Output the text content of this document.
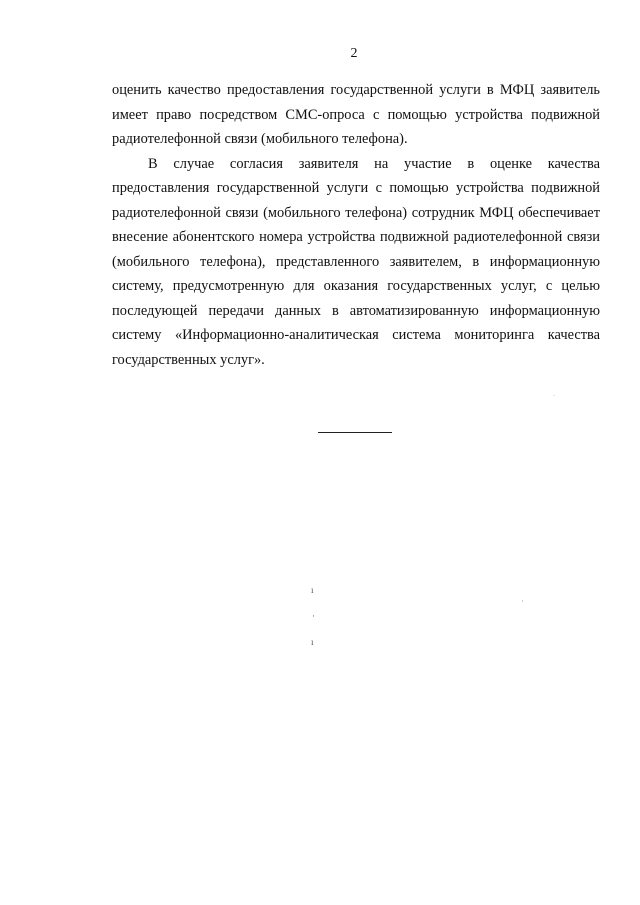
2

оценить качество предоставления государственной услуги в МФЦ заявитель имеет право посредством СМС-опроса с помощью устройства подвижной радиотелефонной связи (мобильного телефона).

В случае согласия заявителя на участие в оценке качества предоставления государственной услуги с помощью устройства подвижной радиотелефонной связи (мобильного телефона) сотрудник МФЦ обеспечивает внесение абонентского номера устройства подвижной радиотелефонной связи (мобильного телефона), представленного заявителем, в информационную систему, предусмотренную для оказания государственных услуг, с целью последующей передачи данных в автоматизированную информационную систему «Информационно-аналитическая система мониторинга качества государственных услуг».

ı
·
ı
·
·
